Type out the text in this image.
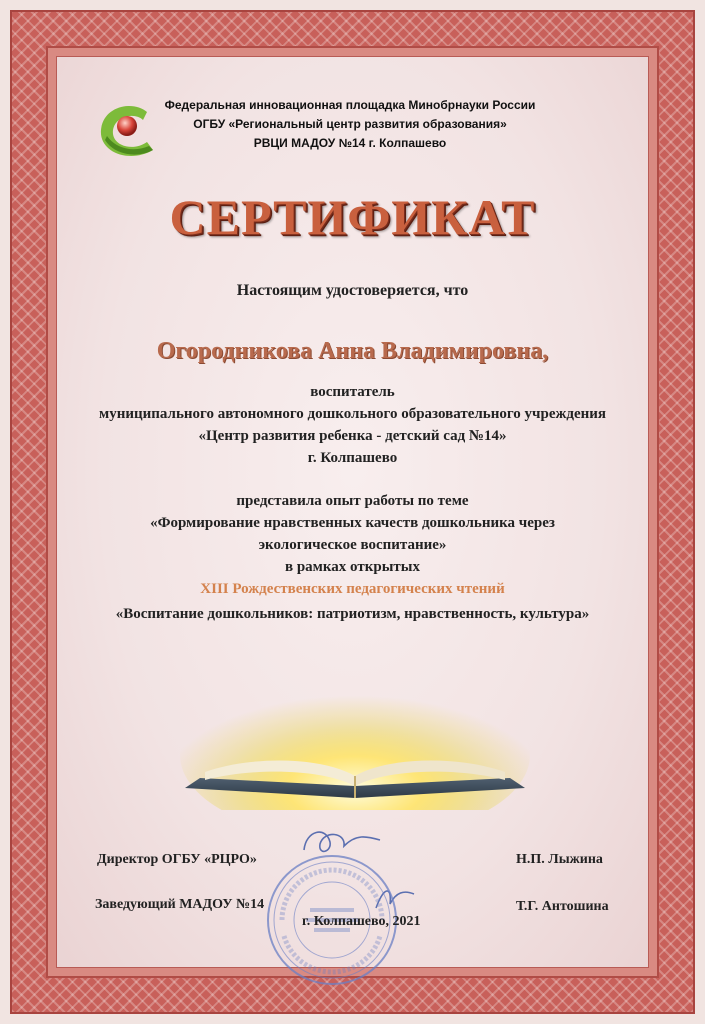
Федеральная инновационная площадка Минобрнауки России
ОГБУ «Региональный центр развития образования»
РВЦИ МАДОУ №14 г. Колпашево
СЕРТИФИКАТ
Настоящим удостоверяется, что
Огородникова Анна Владимировна,
воспитатель
муниципального автономного дошкольного образовательного учреждения
«Центр развития ребенка - детский сад №14»
г. Колпашево
представила опыт работы по теме
«Формирование нравственных качеств дошкольника через
экологическое воспитание»
в рамках открытых
XIII Рождественских педагогических чтений
«Воспитание дошкольников: патриотизм, нравственность, культура»
Директор ОГБУ «РЦРО»	Н.П. Лыжина
Заведующий МАДОУ №14	Т.Г. Антошина
г. Колпашево, 2021
